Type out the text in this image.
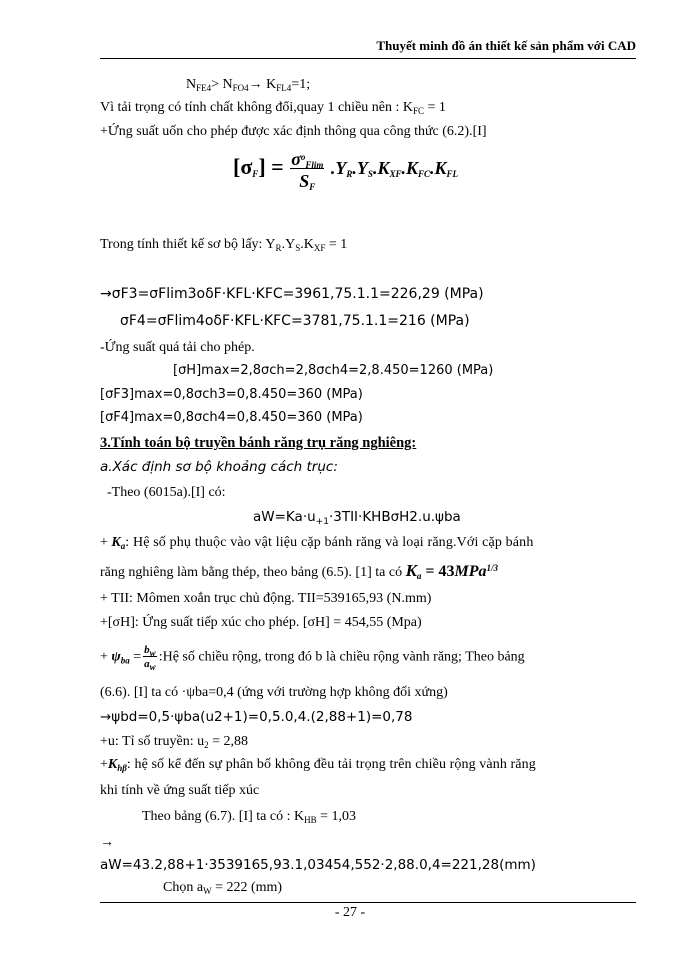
Thuyết minh đồ án thiết kế sản phẩm với CAD
$N_{FE4}> N_{FO4}\to K_{FL4}=1$;
Vì tải trọng có tính chất không đổi,quay 1 chiều nên : $K_{FC} = 1$
+Ứng suất uốn cho phép được xác định thông qua công thức (6.2).[I]
$[\sigma_F] = \frac{\sigma^o_{Flim}}{S_F} .Y_R.Y_S.K_{XF}.K_{FC}.K_{FL}$
Trong tính thiết kế sơ bộ lấy: $Y_R.Y_S.K_{XF} = 1$
→σF3=σFlim3oδF·KFL·KFC=3961,75.1.1=226,29 (MPa)
σF4=σFlim4oδF·KFL·KFC=3781,75.1.1=216 (MPa)
-Ứng suất quá tải cho phép.
[σH]max=2,8σch=2,8σch4=2,8.450=1260 (MPa)
[σF3]max=0,8σch3=0,8.450=360 (MPa)
[σF4]max=0,8σch4=0,8.450=360 (MPa)
3.Tính toán bộ truyền bánh răng trụ răng nghiêng:
a.Xác định sơ bộ khoảng cách trục:
-Theo (6015a).[I] có:
$aW=Ka\cdot u_{+1}\cdot 3TII\cdot KHB\sigma H2.u.\psi ba$
+ $K_a$: Hệ số phụ thuộc vào vật liệu cặp bánh răng và loại răng.Với cặp bánh
răng nghiêng làm bằng thép, theo bảng (6.5). [1] ta có $K_a = 43MPa^{1/3}$
+ TII: Mômen xoắn trục chủ động. TII=539165,93 (N.mm)
+[σH]: Ứng suất tiếp xúc cho phép. [σH] = 454,55 (Mpa)
+ $\psi_{ba} = \frac{b_w}{a_w}$ :Hệ số chiều rộng, trong đó b là chiều rộng vành răng; Theo bảng
(6.6). [I] ta có ·ψba=0,4 (ứng với trường hợp không đối xứng)
→ψbd=0,5·ψba(u2+1)=0,5.0,4.(2,88+1)=0,78
+u: Tỉ số truyền: $u_2 = 2,88$
$+K_{h\beta}$: hệ số kể đến sự phân bố không đều tải trọng trên chiều rộng vành răng
khi tính về ứng suất tiếp xúc
Theo bảng (6.7). [I] ta có : $K_{HB} = 1,03$
→
aW=43.2,88+1·3539165,93.1,03454,552·2,88.0,4=221,28(mm)
Chọn $a_W = 222$ (mm)
- 27 -
